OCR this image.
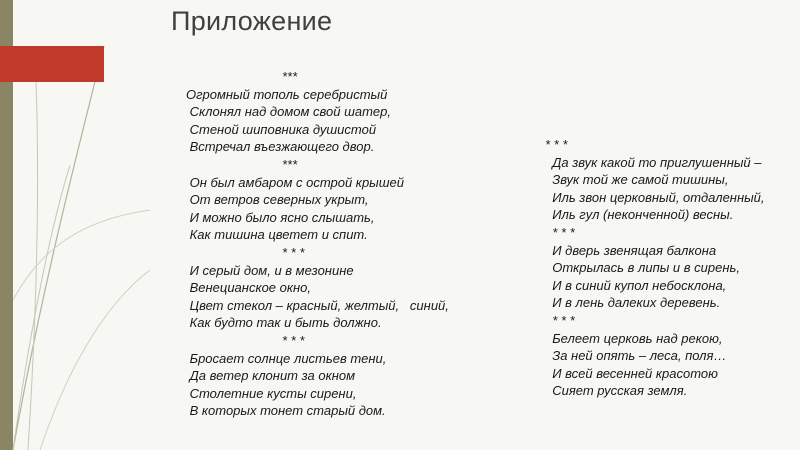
Приложение
***
Огромный тополь серебристый
Склонял над домом свой шатер,
Стеной шиповника душистой
Встречал въезжающего двор.
***
Он был амбаром с острой крышей
От ветров северных укрыт,
И можно было ясно слышать,
Как тишина цветет и спит.
* * *
И серый дом, и в мезонине
Венецианское окно,
Цвет стекол – красный, желтый,   синий,
Как будто так и быть должно.
* * *
Бросает солнце листьев тени,
Да ветер клонит за окном
Столетние кусты сирени,
В которых тонет старый дом.
* * *
Да звук какой то приглушенный –
Звук той же самой тишины,
Иль звон церковный, отдаленный,
Иль гул (неконченной) весны.
* * *
И дверь звенящая балкона
Открылась в липы и в сирень,
И в синий купол небосклона,
И в лень далеких деревень.
* * *
Белеет церковь над рекою,
За ней опять – леса, поля…
И всей весенней красотою
Сияет русская земля.
